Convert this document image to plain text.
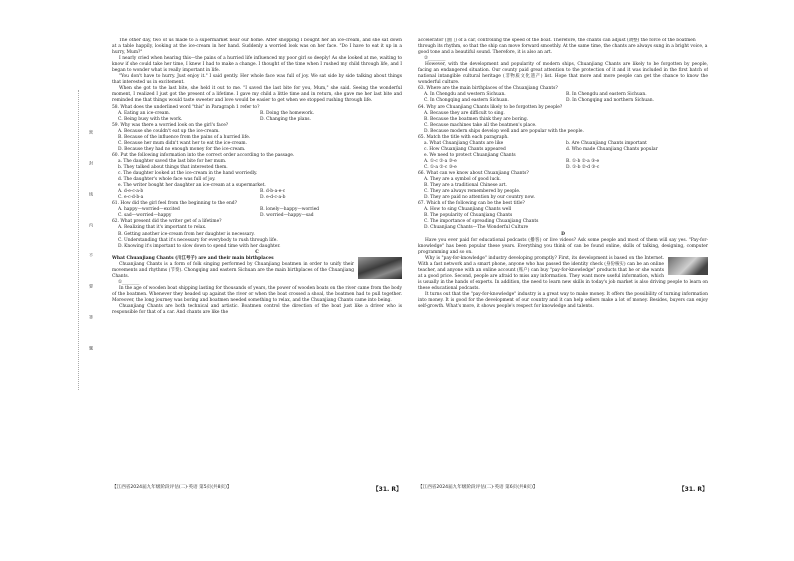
密
封
线
内
不
要
答
题

The other day, two of us made to a supermarket near our home. After shopping I bought her an ice-cream, and she sat down at a table happily, looking at the ice-cream in her hand. Suddenly a worried look was on her face. "Do I have to eat it up in a hurry, Mum?"

I nearly cried when hearing this—the pains of a hurried life influenced my poor girl so deeply! As she looked at me, waiting to know if she could take her time, I knew I had to make a change. I thought of the time when I rushed my child through life, and I began to wonder what is really important in life.

"You don't have to hurry. Just enjoy it." I said gently. Her whole face was full of joy. We sat side by side talking about things that interested us in excitement.

When she got to the last bite, she held it out to me. "I saved the last bite for you, Mum," she said. Seeing the wonderful moment, I realized I just got the present of a lifetime. I gave my child a little time and in return, she gave me her last bite and reminded me that things would taste sweeter and love would be easier to get when we stopped rushing through life.

58. What does the underlined word "this" in Paragraph 1 refer to?

A. Eating an ice-cream.	B. Doing the homework.
C. Being busy with the work.	D. Changing the plans.

59. Why was there a worried look on the girl's face?

A. Because she couldn't eat up the ice-cream.

B. Because of the influence from the pains of a hurried life.

C. Because her mum didn't want her to eat the ice-cream.

D. Because they had no enough money for the ice-cream.

60. Put the following information into the correct order according to the passage.

a. The daughter saved the last bite for her mum.

b. They talked about things that interested them.

c. The daughter looked at the ice-cream in the hand worriedly.

d. The daughter's whole face was full of joy.

e. The writer bought her daughter an ice-cream at a supermarket.

A. d-e-c-a-b	B. d-b-a-e-c
C. e-c-d-b-a	D. e-d-c-a-b

61. How did the girl feel from the beginning to the end?

A. happy—worried—excited	B. lonely—happy—worried
C. sad—worried—happy	D. worried—happy—sad

62. What present did the writer get of a lifetime?

A. Realizing that it's important to relax.

B. Getting another ice-cream from her daughter is necessary.

C. Understanding that it's necessary for everybody to rush through life.

D. Knowing it's important to slow down to spend time with her daughter.

C

What Chuanjiang Chants (川江号子) are and their main birthplaces

Chuanjiang Chants is a form of folk singing performed by Chuanjiang boatmen in order to unify their movements and rhythms (节奏). Chongqing and eastern Sichuan are the main birthplaces of the Chuanjiang Chants.

①________

In the age of wooden boat shipping lasting for thousands of years, the power of wooden boats on the river came from the body of the boatmen. Whenever they headed up against the river or when the boat crossed a shoal, the boatmen had to pull together. Moreover, the long journey was boring and boatmen needed something to relax, and the Chuanjiang Chants came into being.

Chuanjiang Chants are both technical and artistic. Boatmen control the direction of the boat just like a driver who is responsible for that of a car. And chants are like the

accelerator (油门) of a car, controlling the speed of the boat. Therefore, the chants can adjust (调整) the force of the boatmen through its rhythm, so that the ship can move forward smoothly. At the same time, the chants are always sung in a bright voice, a good tone and a beautiful sound. Therefore, it is also an art.

②________

However, with the development and popularity of modern ships, Chuanjiang Chants are likely to be forgotten by people, facing an endangered situation. Our county paid great attention to the protection of it and it was included in the first batch of national intangible cultural heritage (非物质文化遗产) list. Hope that more and more people can get the chance to know the wonderful culture.

63. Where are the main birthplaces of the Chuanjiang Chants?

A. In Chengdu and western Sichuan.	B. In Chengdu and eastern Sichuan.
C. In Chongqing and eastern Sichuan.	D. In Chongqing and northern Sichuan.

64. Why are Chuanjiang Chants likely to be forgotten by people?

A. Because they are difficult to sing.

B. Because the boatmen think they are boring.

C. Because machines take all the boatmen's place.

D. Because modern ships develop well and are popular with the people.

65. Match the title with each paragraph.

a. What Chuanjiang Chants are like	b. Are Chuanjiang Chants important
c. How Chuanjiang Chants appeared	d. Who made Chuanjiang Chants popular

e. We need to protect Chuanjiang Chants

A. ①-c ②-a ③-e	B. ①-b ②-a ③-e
C. ①-a ②-c ③-e	D. ①-b ②-d ③-c

66. What can we know about Chuanjiang Chants?

A. They are a symbol of good luck.

B. They are a traditional Chinese art.

C. They are always remembered by people.

D. They are paid no attention by our country now.

67. Which of the following can be the best title?

A. How to sing Chuanjiang Chants well

B. The popularity of Chuanjiang Chants

C. The importance of spreading Chuanjiang Chants

D. Chuanjiang Chants—The Wonderful Culture

D

Have you ever paid for educational podcasts (播客) or live videos? Ask some people and most of them will say yes. "Pay-for-knowledge" has been popular these years. Everything you think of can be found online, skills of talking, designing, computer programming and so on.

Why is "pay-for-knowledge" industry developing promptly? First, its development is based on the Internet. With a fast network and a smart phone, anyone who has passed the identity check (身份核实) can be an online teacher, and anyone with an online account (账户) can buy "pay-for-knowledge" products that he or she wants at a good price. Second, people are afraid to miss any information. They want more useful information, which is usually in the hands of experts. In addition, the need to learn new skills in today's job market is also driving people to learn on these educational podcasts.

It turns out that the "pay-for-knowledge" industry is a great way to make money. It offers the possibility of turning information into money. It is good for the development of our country and it can help sellers make a lot of money. Besides, buyers can enjoy self-growth. What's more, it shows people's respect for knowledge and talents.

【江西省2024届九年级阶段评估(二)·英语 第5页(共8页)】	【31. R】	【江西省2024届九年级阶段评估(二)·英语 第6页(共8页)】	【31. R】
